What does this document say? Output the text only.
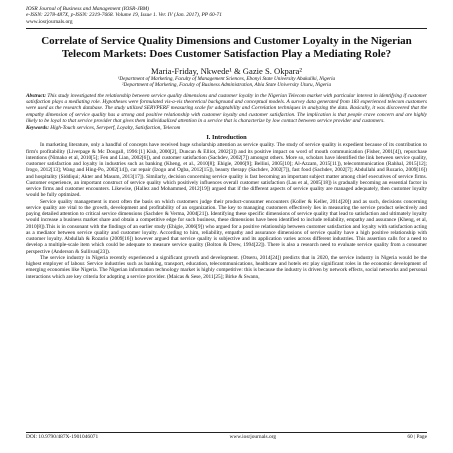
IOSR Journal of Business and Management (IOSR-JBM)
e-ISSN: 2278-487X, p-ISSN: 2319-7668. Volume 19, Issue 1. Ver. IV (Jan. 2017), PP 60-71
www.iosrjournals.org
Correlate of Service Quality Dimensions and Customer Loyalty in the Nigerian Telecom Markets: Does Customer Satisfaction Play a Mediating Role?
Maria-Friday, Nkwede¹ & Gazie S. Okpara²
¹Department of Marketing, Faculty of Management Sciences, Ebonyi State University Abakaliki, Nigeria
²Department of Marketing, Faculty of Business Administration, Abia State University Uturu, Nigeria
Abstract: This study investigated the relationship between service quality dimensions and customer loyalty in the Nigerian Telecom market with particular interest in identifying if customer satisfaction plays a mediating role. Hypotheses were formulated vis-a-vis theoretical background and conceptual models. A survey data generated from 183 experienced telecom customers were used as the research database. The study utilized SERVPERF measuring scale for adaptability and Correlation techniques in analyzing the data. Basically, it was discovered that the empathy dimension of service quality has a strong and positive relationship with customer loyalty and customer satisfaction. The implication is that people crave concern and are highly likely to be loyal to that service provider that gives them individualized attention in a service that is characterize by low contact between service provider and customers.
Keywords: High-Touch services, Servperf, Loyalty, Satisfaction, Telecom
I. Introduction

In marketing literature, only a handful of concepts have received huge scholarship attention as service quality. The study of service quality is expedient because of its contribution to firm's profitability (Liverpage & Mc Dougall, 1996:[1] Kish, 2000[2], Duncan & Elliot, 2002[3]) and its positive impact on word of mouth communication (Fisher, 2001[4]), repurchase intentions (Nimako et al, 2010[5]; Fen and Lian, 2002[6]), and customer satisfaction (Sachdev, 2002[7]) amongst others. More so, scholars have identified the link between service quality, customer satisfaction and loyalty in industries such as banking (Kheng, et al., 2010[8]; Ehigie, 2006[9]; Bellini, 2005[10]; Al-Azzam, 2015[11]), telecommunication (Rahhal, 2015[12]; Irogo, 2012[13]; Wang and Hing-Po, 2002[14]), car repair (Izogo and Ogba, 2012[15]), beauty therapy (Sachdev, 2002[7]), fast food (Sachdev, 2002[7]; Abdullahi and Rozario, 2009[16]) and hospitality (Siddiqui; Akter and Masum, 2013[17]). Similarly, decision concerning service quality is fast becoming an important subject matter among chief executives of service firms. Customer experience, an important construct of service quality which positively influences overall customer satisfaction (Lau et al, 2005[18]) is gradually becoming an essential factor in service firms and customer encounters. Likewise, (Hallez and Mohammed, 2012[19]) argued that if the different aspects of service quality are managed adequately, then customer loyalty would be fully optimized.

Service quality management is most often the basis on which customers judge their product-consumer encounters (Koller & Keller, 2014[20]) and as such, decisions concerning service quality are vital to the growth, development and profitability of an organization. The key to managing customers effectively lies in measuring the service product selectively and paying detailed attention to critical service dimensions (Sachdev & Verma, 2004[21]). Identifying these specific dimensions of service quality that lead to satisfaction and ultimately loyalty would increase a business market share and obtain a competitive edge for such business, these dimensions have been identified to include reliability, empathy and assurance (Kheng, et al, 2010[8]).This is in consonant with the findings of an earlier study (Ehigie, 2006[9]) who argued for a positive relationship between customer satisfaction and loyalty with satisfaction acting as a mediator between service quality and customer loyalty. According to him, reliability, empathy and assurance dimensions of service quality have a high positive relationship with customer loyalty. Abdullah & Rozario (2009[16]) however argued that service quality is subjective and its application varies across different industries. This assertion calls for a need to develop a multiple-scale item which could be adequate to measure service quality (Bolton & Drew, 1994[22]). There is also a research need to evaluate service quality from a consumer perspective (Anderson & Sullivan[23]).

The service industry in Nigeria recently experienced a significant growth and development. (Otseru, 2014[24]) predicts that in 2020, the service industry in Nigeria would be the highest employer of labour. Service industries such as banking, transport, education, telecommunications, healthcare and hotels etc play significant roles in the economic development of emerging economies like Nigeria. The Nigerian information technology market is highly competitive: this is because the industry is driven by network effects, social networks and personal interactions which are key criteria for adopting a service provider. (Maicas & Sese, 2011[25]; Birke & Swann,

DOI: 10.9790/487X-1901046071	www.iosrjournals.org	60 | Page
